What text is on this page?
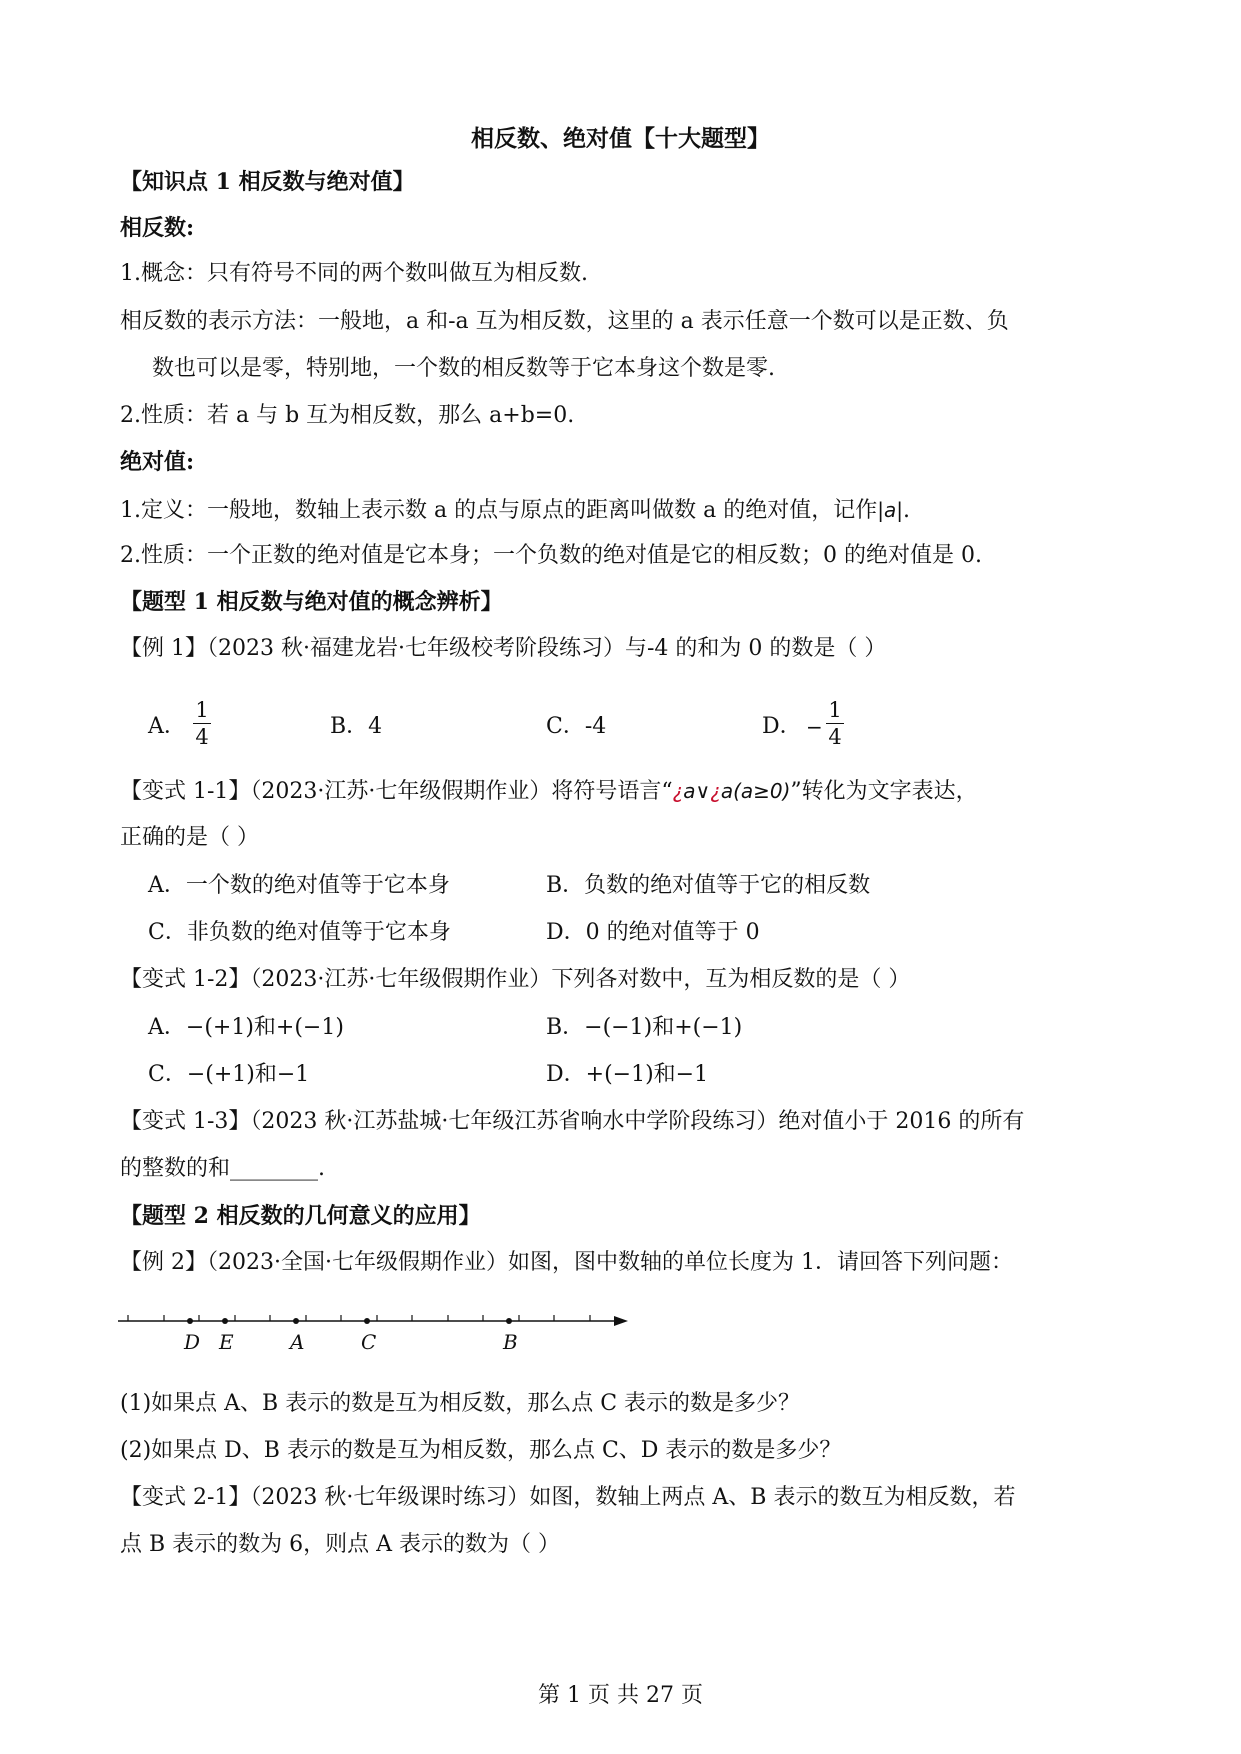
相反数、绝对值【十大题型】
【知识点 1 相反数与绝对值】
相反数:
1.概念：只有符号不同的两个数叫做互为相反数.
相反数的表示方法：一般地，a 和-a 互为相反数，这里的 a 表示任意一个数可以是正数、负
数也可以是零，特别地，一个数的相反数等于它本身这个数是零.
2.性质：若 a 与 b 互为相反数，那么 a+b=0.
绝对值:
1.定义：一般地，数轴上表示数 a 的点与原点的距离叫做数 a 的绝对值，记作|a|.
2.性质：一个正数的绝对值是它本身；一个负数的绝对值是它的相反数；0 的绝对值是 0.
【题型 1 相反数与绝对值的概念辨析】
【例 1】（2023 秋·福建龙岩·七年级校考阶段练习）与-4 的和为 0 的数是（ ）
A．
1
4	B．4	C．-4	D． −
1
4
【变式 1-1】（2023·江苏·七年级假期作业）将符号语言“¿a∨¿a(a≥0)”转化为文字表达，
正确的是（ ）
A．一个数的绝对值等于它本身	B．负数的绝对值等于它的相反数
C．非负数的绝对值等于它本身	D．0 的绝对值等于 0
【变式 1-2】（2023·江苏·七年级假期作业）下列各对数中，互为相反数的是（ ）
A．−(+1)和+(−1)	B．−(−1)和+(−1)
C．−(+1)和−1	D．+(−1)和−1
【变式 1-3】（2023 秋·江苏盐城·七年级江苏省响水中学阶段练习）绝对值小于 2016 的所有
的整数的和________.
【题型 2 相反数的几何意义的应用】
【例 2】（2023·全国·七年级假期作业）如图，图中数轴的单位长度为 1．请回答下列问题：
D E	A	C	B
(1)如果点 A、B 表示的数是互为相反数，那么点 C 表示的数是多少？
(2)如果点 D、B 表示的数是互为相反数，那么点 C、D 表示的数是多少？
【变式 2-1】（2023 秋·七年级课时练习）如图，数轴上两点 A、B 表示的数互为相反数，若
点 B 表示的数为 6，则点 A 表示的数为（ ）
第 1 页 共 27 页
